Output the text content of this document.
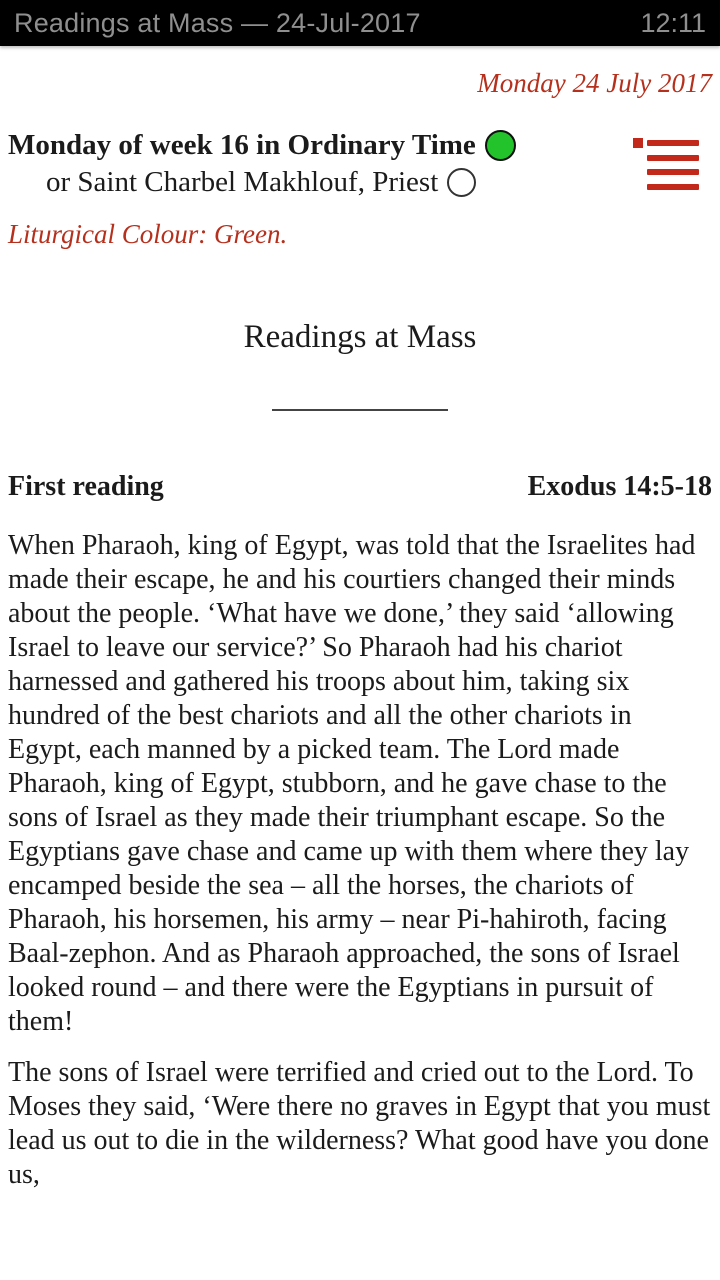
Readings at Mass — 24-Jul-2017	12:11
Monday 24 July 2017
Monday of week 16 in Ordinary Time
or Saint Charbel Makhlouf, Priest
Liturgical Colour: Green.
Readings at Mass
First reading	Exodus 14:5-18

When Pharaoh, king of Egypt, was told that the Israelites had made their escape, he and his courtiers changed their minds about the people. ‘What have we done,’ they said ‘allowing Israel to leave our service?’ So Pharaoh had his chariot harnessed and gathered his troops about him, taking six hundred of the best chariots and all the other chariots in Egypt, each manned by a picked team. The Lord made Pharaoh, king of Egypt, stubborn, and he gave chase to the sons of Israel as they made their triumphant escape. So the Egyptians gave chase and came up with them where they lay encamped beside the sea – all the horses, the chariots of Pharaoh, his horsemen, his army – near Pi-hahiroth, facing Baal-zephon. And as Pharaoh approached, the sons of Israel looked round – and there were the Egyptians in pursuit of them!

The sons of Israel were terrified and cried out to the Lord. To Moses they said, ‘Were there no graves in Egypt that you must lead us out to die in the wilderness? What good have you done us,
